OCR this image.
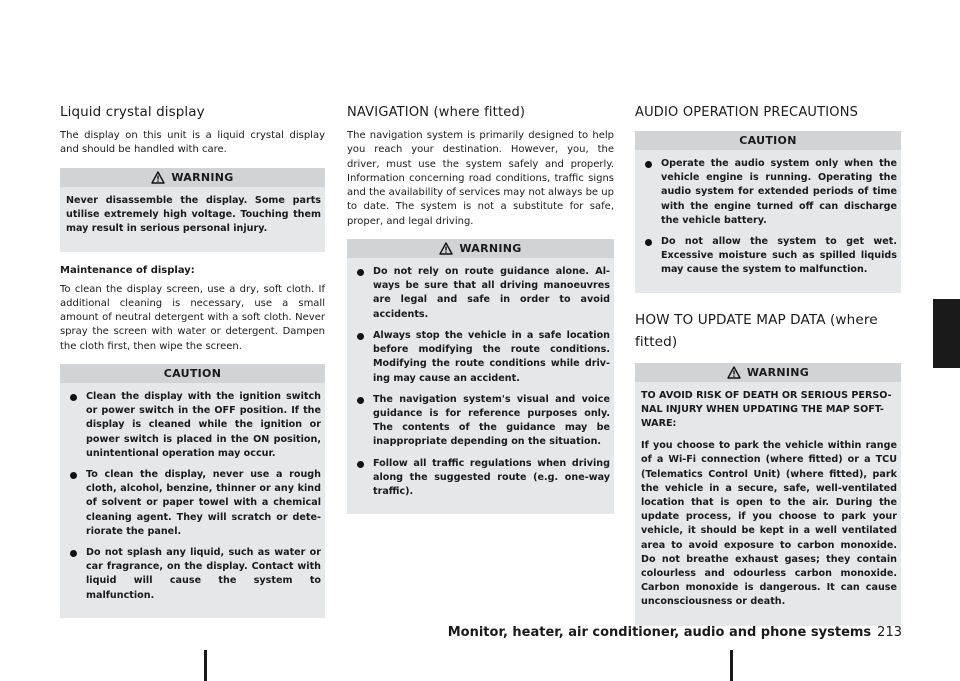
Liquid crystal display

The display on this unit is a liquid crystal display and should be handled with care.

WARNING

Never disassemble the display. Some parts utilise extremely high voltage. Touching them may result in serious personal injury.

Maintenance of display:

To clean the display screen, use a dry, soft cloth. If additional cleaning is necessary, use a small amount of neutral detergent with a soft cloth. Never spray the screen with water or detergent. Dampen the cloth first, then wipe the screen.

CAUTION
Clean the display with the ignition switch or power switch in the OFF position. If the display is cleaned while the ignition or power switch is placed in the ON position, unintentional operation may occur.
To clean the display, never use a rough cloth, alcohol, benzine, thinner or any kind of solvent or paper towel with a chemical cleaning agent. They will scratch or dete- riorate the panel.
Do not splash any liquid, such as water or car fragrance, on the display. Contact with liquid will cause the system to malfunction.
NAVIGATION (where fitted)

The navigation system is primarily designed to help you reach your destination. However, you, the driver, must use the system safely and properly. Information concerning road conditions, traffic signs and the availability of services may not always be up to date. The system is not a substitute for safe, proper, and legal driving.

WARNING
Do not rely on route guidance alone. Al- ways be sure that all driving manoeuvres are legal and safe in order to avoid accidents.
Always stop the vehicle in a safe location before modifying the route conditions. Modifying the route conditions while driv- ing may cause an accident.
The navigation system's visual and voice guidance is for reference purposes only. The contents of the guidance may be inappropriate depending on the situation.
Follow all traffic regulations when driving along the suggested route (e.g. one-way traffic).
AUDIO OPERATION PRECAUTIONS
CAUTION
Operate the audio system only when the vehicle engine is running. Operating the audio system for extended periods of time with the engine turned off can discharge the vehicle battery.
Do not allow the system to get wet. Excessive moisture such as spilled liquids may cause the system to malfunction.
HOW TO UPDATE MAP DATA (where fitted)
WARNING

TO AVOID RISK OF DEATH OR SERIOUS PERSO- NAL INJURY WHEN UPDATING THE MAP SOFT- WARE:

If you choose to park the vehicle within range of a Wi-Fi connection (where fitted) or a TCU (Telematics Control Unit) (where fitted), park the vehicle in a secure, safe, well-ventilated location that is open to the air. During the update process, if you choose to park your vehicle, it should be kept in a well ventilated area to avoid exposure to carbon monoxide. Do not breathe exhaust gases; they contain colourless and odourless carbon monoxide. Carbon monoxide is dangerous. It can cause unconsciousness or death.

Monitor, heater, air conditioner, audio and phone systems 213
